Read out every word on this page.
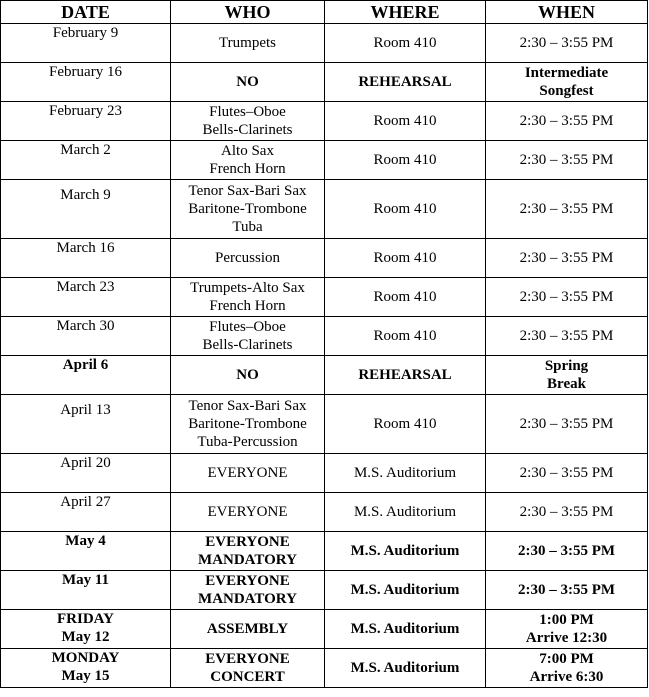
DATE	WHO	WHERE	WHEN

February 9	Trumpets	Room 410	2:30 – 3:55 PM

February 16	NO	REHEARSAL	Intermediate
Songfest

February 23	Flutes–Oboe
Bells-Clarinets	Room 410	2:30 – 3:55 PM

March 2	Alto Sax
French Horn	Room 410	2:30 – 3:55 PM

March 9	Tenor Sax-Bari Sax
Baritone-Trombone
Tuba	Room 410	2:30 – 3:55 PM

March 16	Percussion	Room 410	2:30 – 3:55 PM

March 23	Trumpets-Alto Sax
French Horn	Room 410	2:30 – 3:55 PM

March 30	Flutes–Oboe
Bells-Clarinets	Room 410	2:30 – 3:55 PM

April 6	NO	REHEARSAL	Spring
Break

April 13	Tenor Sax-Bari Sax
Baritone-Trombone
Tuba-Percussion	Room 410	2:30 – 3:55 PM

April 20	EVERYONE	M.S. Auditorium	2:30 – 3:55 PM

April 27	EVERYONE	M.S. Auditorium	2:30 – 3:55 PM

May 4	EVERYONE
MANDATORY	M.S. Auditorium	2:30 – 3:55 PM

May 11	EVERYONE
MANDATORY	M.S. Auditorium	2:30 – 3:55 PM

FRIDAY
May 12	ASSEMBLY	M.S. Auditorium	1:00 PM
Arrive 12:30

MONDAY
May 15	EVERYONE
CONCERT	M.S. Auditorium	7:00 PM
Arrive 6:30
